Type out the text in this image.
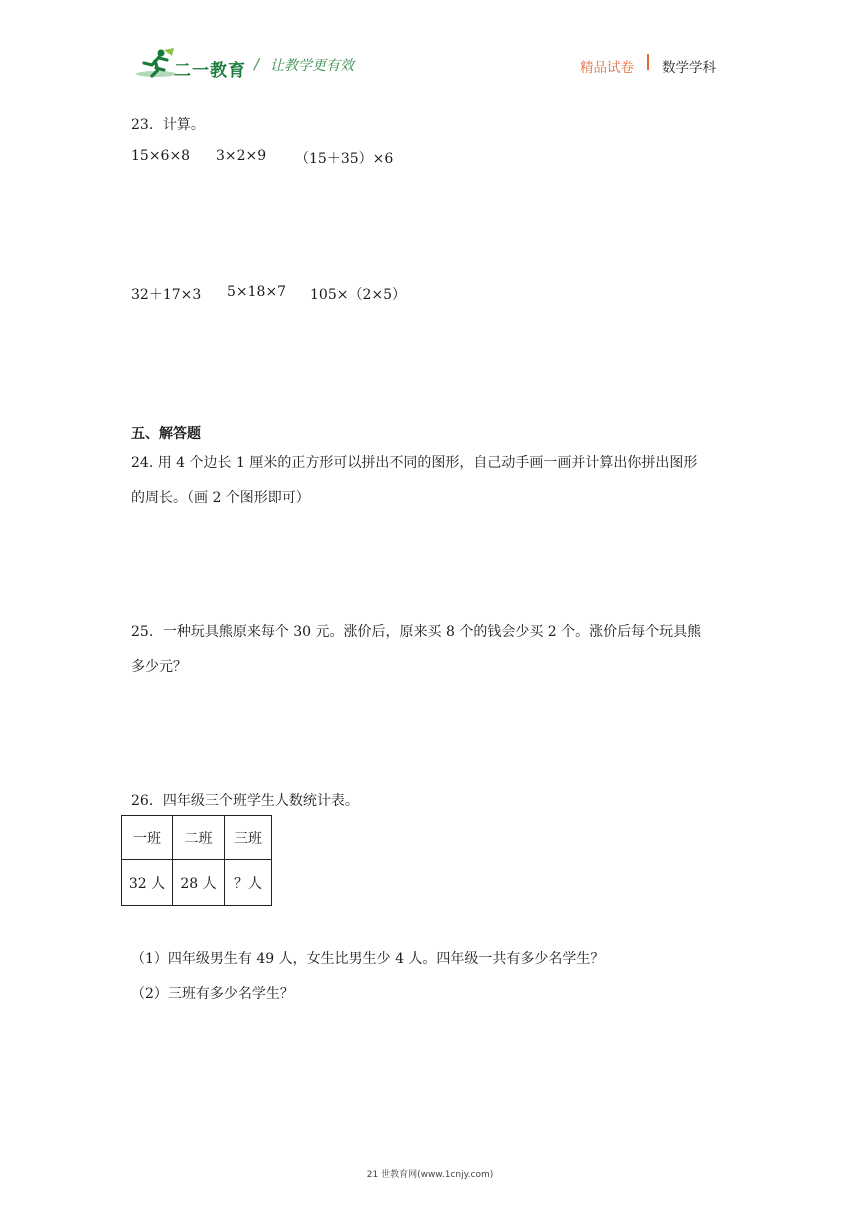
二一教育 / 让教学更有效	精品试卷 数学学科
23．计算。
15×6×8 3×2×9 （15＋35）×6
32＋17×3 5×18×7 105×（2×5）
五、解答题
24. 用 4 个边长 1 厘米的正方形可以拼出不同的图形，自己动手画一画并计算出你拼出图形
的周长。（画 2 个图形即可）
25．一种玩具熊原来每个 30 元。涨价后，原来买 8 个的钱会少买 2 个。涨价后每个玩具熊
多少元？
26．四年级三个班学生人数统计表。
一班	二班	三班
32 人	28 人	？人
（1）四年级男生有 49 人，女生比男生少 4 人。四年级一共有多少名学生？
（2）三班有多少名学生？
21 世教育网(www.1cnjy.com)
